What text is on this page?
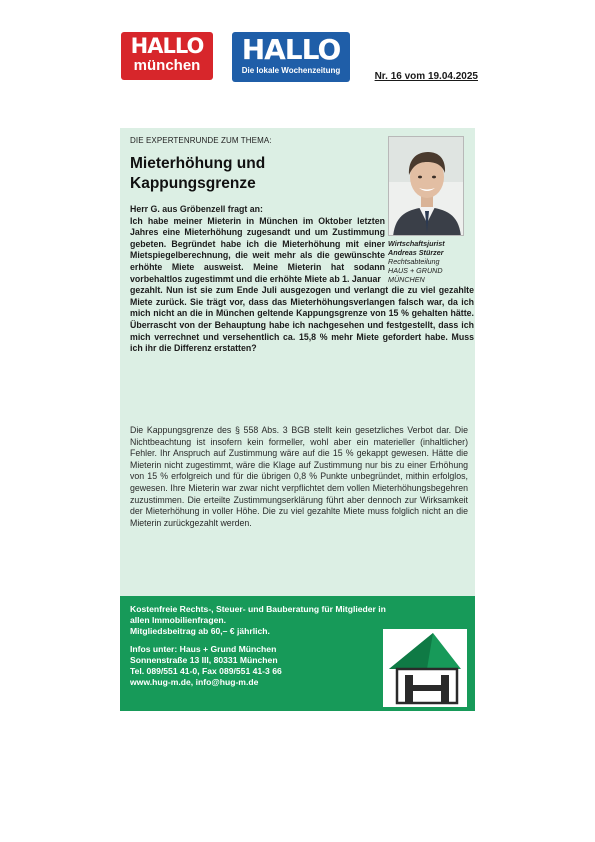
HALLO
münchen	HALLO
Die lokale Wochenzeitung
Nr. 16 vom 19.04.2025
DIE EXPERTENRUNDE ZUM THEMA:
Mieterhöhung und
Kappungsgrenze
Wirtschaftsjurist
Andreas Stürzer
Rechtsabteilung
HAUS + GRUND
MÜNCHEN
Herr G. aus Gröbenzell fragt an:
Ich habe meiner Mieterin in München im Oktober letzten Jahres eine Mieterhöhung zugesandt und um Zustimmung gebeten. Begründet habe ich die Mieterhöhung mit einer Mietspiegelberechnung, die weit mehr als die gewünschte erhöhte Miete ausweist. Meine Mieterin hat sodann vorbehaltlos zugestimmt und die erhöhte Miete ab 1. Januar
gezahlt. Nun ist sie zum Ende Juli ausgezogen und verlangt die zu viel gezahlte Miete zurück. Sie trägt vor, dass das Mieterhöhungsverlangen falsch war, da ich mich nicht an die in München geltende Kappungsgrenze von 15 % gehalten hätte. Überrascht von der Behauptung habe ich nachgesehen und festgestellt, dass ich mich verrechnet und versehentlich ca. 15,8 % mehr Miete gefordert habe. Muss ich ihr die Differenz erstatten?
Die Kappungsgrenze des § 558 Abs. 3 BGB stellt kein gesetzliches Verbot dar. Die Nichtbeachtung ist insofern kein formeller, wohl aber ein materieller (inhaltlicher) Fehler. Ihr Anspruch auf Zustimmung wäre auf die 15 % gekappt gewesen. Hätte die Mieterin nicht zugestimmt, wäre die Klage auf Zustimmung nur bis zu einer Erhöhung von 15 % erfolgreich und für die übrigen 0,8 % Punkte unbegründet, mithin erfolglos, gewesen. Ihre Mieterin war zwar nicht verpflichtet dem vollen Mieterhöhungsbegehren zuzustimmen. Die erteilte Zustimmungserklärung führt aber dennoch zur Wirksamkeit der Mieterhöhung in voller Höhe. Die zu viel gezahlte Miete muss folglich nicht an die Mieterin zurückgezahlt werden.
Kostenfreie Rechts-, Steuer- und Bauberatung für Mitglieder in allen Immobilienfragen.
Mitgliedsbeitrag ab 60,– € jährlich.
Infos unter: Haus + Grund München
Sonnenstraße 13 III, 80331 München
Tel. 089/551 41-0, Fax 089/551 41-3 66
www.hug-m.de, info@hug-m.de
